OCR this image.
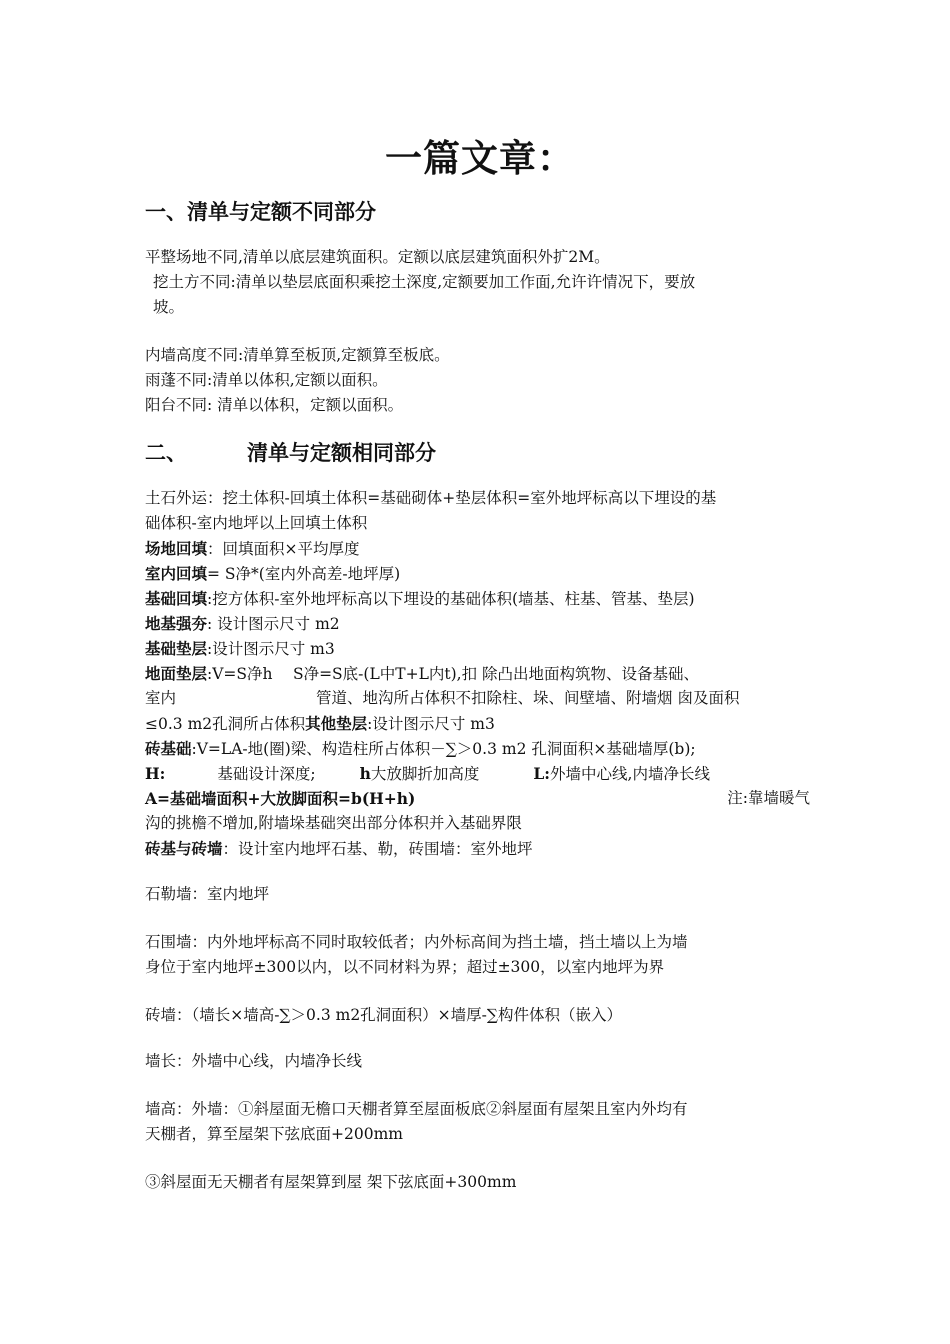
一篇文章：
一、清单与定额不同部分
平整场地不同,清单以底层建筑面积。定额以底层建筑面积外扩2M。
挖土方不同:清单以垫层底面积乘挖土深度,定额要加工作面,允许许情况下，要放
坡。
内墙高度不同:清单算至板顶,定额算至板底。
雨蓬不同:清单以体积,定额以面积。
阳台不同: 清单以体积，定额以面积。
二、	清单与定额相同部分
土石外运：挖土体积-回填土体积=基础砌体+垫层体积=室外地坪标高以下埋设的基
础体积-室内地坪以上回填土体积
场地回填：回填面积×平均厚度
室内回填= S净*(室内外高差-地坪厚)
基础回填:挖方体积-室外地坪标高以下埋设的基础体积(墙基、柱基、管基、垫层)
地基强夯: 设计图示尺寸 m2
基础垫层:设计图示尺寸 m3
地面垫层:V=S净h　 S净=S底-(L中T+L内t),扣 除凸出地面构筑物、设备基础、
室内	管道、地沟所占体积不扣除柱、垛、间壁墙、附墙烟 囱及面积
≤0.3 m2孔洞所占体积其他垫层:设计图示尺寸 m3
砖基础:V=LA-地(圈)梁、构造柱所占体积－∑＞0.3 m2 孔洞面积×基础墙厚(b);
H:	基础设计深度;	h大放脚折加高度	L:外墙中心线,内墙净长线
A=基础墙面积+大放脚面积=b(H+h)	注:靠墙暖气
沟的挑檐不增加,附墙垛基础突出部分体积并入基础界限
砖基与砖墙：设计室内地坪石基、勒，砖围墙：室外地坪
石勒墙：室内地坪
石围墙：内外地坪标高不同时取较低者；内外标高间为挡土墙，挡土墙以上为墙
身位于室内地坪±300以内，以不同材料为界；超过±300，以室内地坪为界
砖墙：（墙长×墙高-∑＞0.3 m2孔洞面积）×墙厚-∑构件体积（嵌入）
墙长：外墙中心线，内墙净长线
墙高：外墙：①斜屋面无檐口天棚者算至屋面板底②斜屋面有屋架且室内外均有
天棚者，算至屋架下弦底面+200mm
③斜屋面无天棚者有屋架算到屋 架下弦底面+300mm
